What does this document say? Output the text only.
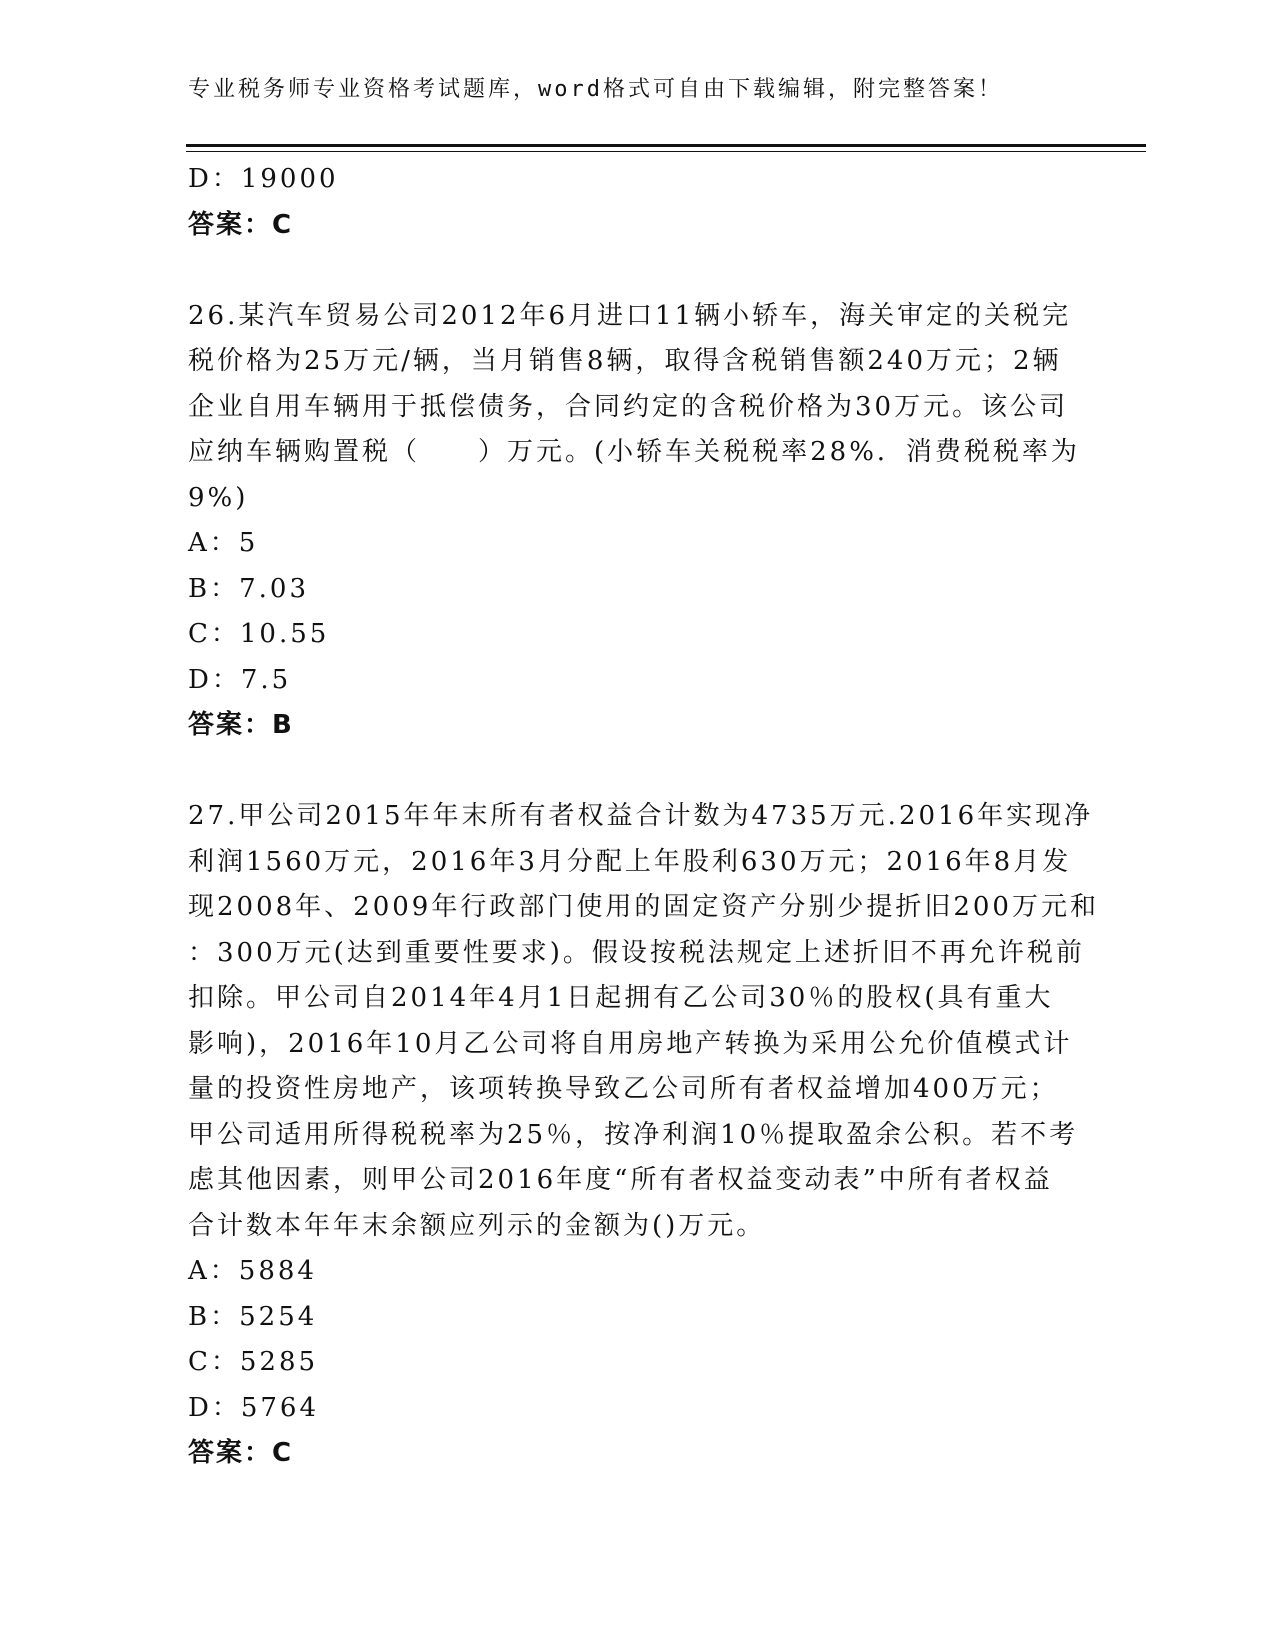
专业税务师专业资格考试题库，word格式可自由下载编辑，附完整答案！
D：19000
答案：C
26.某汽车贸易公司2012年6月进口11辆小轿车，海关审定的关税完
税价格为25万元/辆，当月销售8辆，取得含税销售额240万元；2辆
企业自用车辆用于抵偿债务，合同约定的含税价格为30万元。该公司
应纳车辆购置税（　　）万元。(小轿车关税税率28%．消费税税率为
9%)
A：5
B：7.03
C：10.55
D：7.5
答案：B
27.甲公司2015年年末所有者权益合计数为4735万元.2016年实现净
利润1560万元，2016年3月分配上年股利630万元；2016年8月发
现2008年、2009年行政部门使用的固定资产分别少提折旧200万元和
：300万元(达到重要性要求)。假设按税法规定上述折旧不再允许税前
扣除。甲公司自2014年4月1日起拥有乙公司30％的股权(具有重大
影响)，2016年10月乙公司将自用房地产转换为采用公允价值模式计
量的投资性房地产，该项转换导致乙公司所有者权益增加400万元；
甲公司适用所得税税率为25％，按净利润10％提取盈余公积。若不考
虑其他因素，则甲公司2016年度“所有者权益变动表”中所有者权益
合计数本年年末余额应列示的金额为()万元。
A：5884
B：5254
C：5285
D：5764
答案：C
